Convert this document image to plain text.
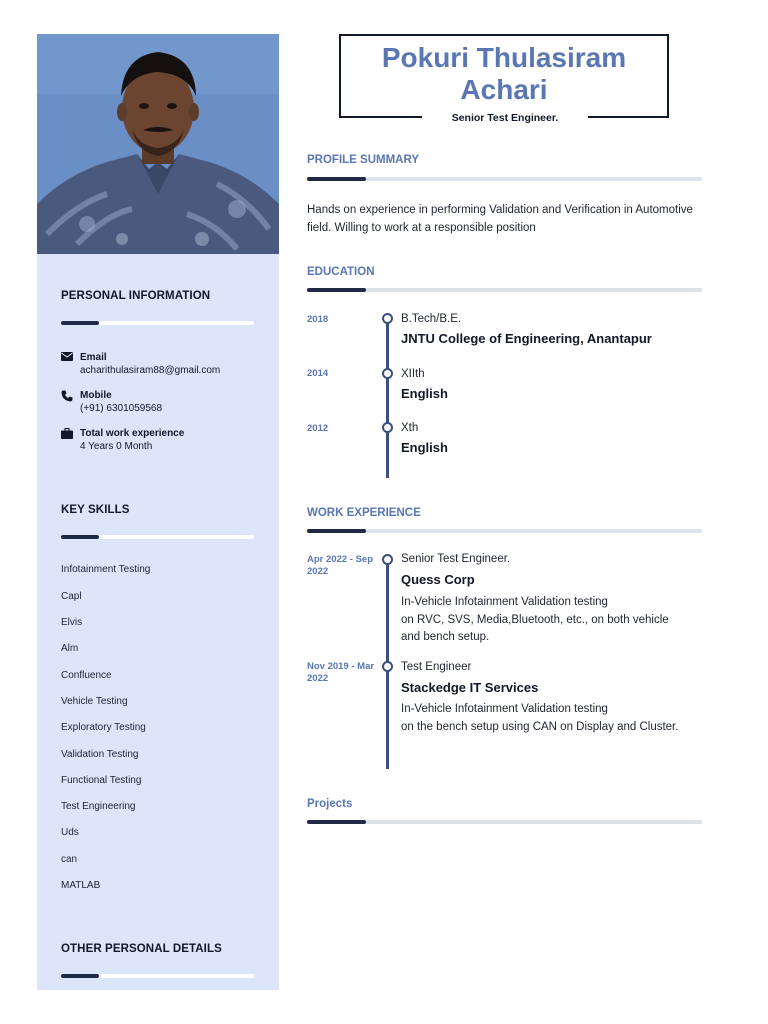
PERSONAL INFORMATION
Email
acharithulasiram88@gmail.com
Mobile
(+91) 6301059568
Total work experience
4 Years 0 Month
KEY SKILLS
Infotainment Testing
Capl
Elvis
Alm
Confluence
Vehicle Testing
Exploratory Testing
Validation Testing
Functional Testing
Test Engineering
Uds
can
MATLAB
OTHER PERSONAL DETAILS
Pokuri Thulasiram Achari
Senior Test Engineer.
PROFILE SUMMARY
Hands on experience in performing Validation and Verification in Automotive field. Willing to work at a responsible position
EDUCATION
2018	B.Tech/B.E.
JNTU College of Engineering, Anantapur
2014	XIIth
English
2012	Xth
English
WORK EXPERIENCE
Apr 2022 - Sep
2022
Senior Test Engineer.
Quess Corp
In-Vehicle Infotainment Validation testing
on RVC, SVS, Media,Bluetooth, etc., on both vehicle
and bench setup.
Nov 2019 - Mar
2022
Test Engineer
Stackedge IT Services
In-Vehicle Infotainment Validation testing
on the bench setup using CAN on Display and Cluster.
Projects
